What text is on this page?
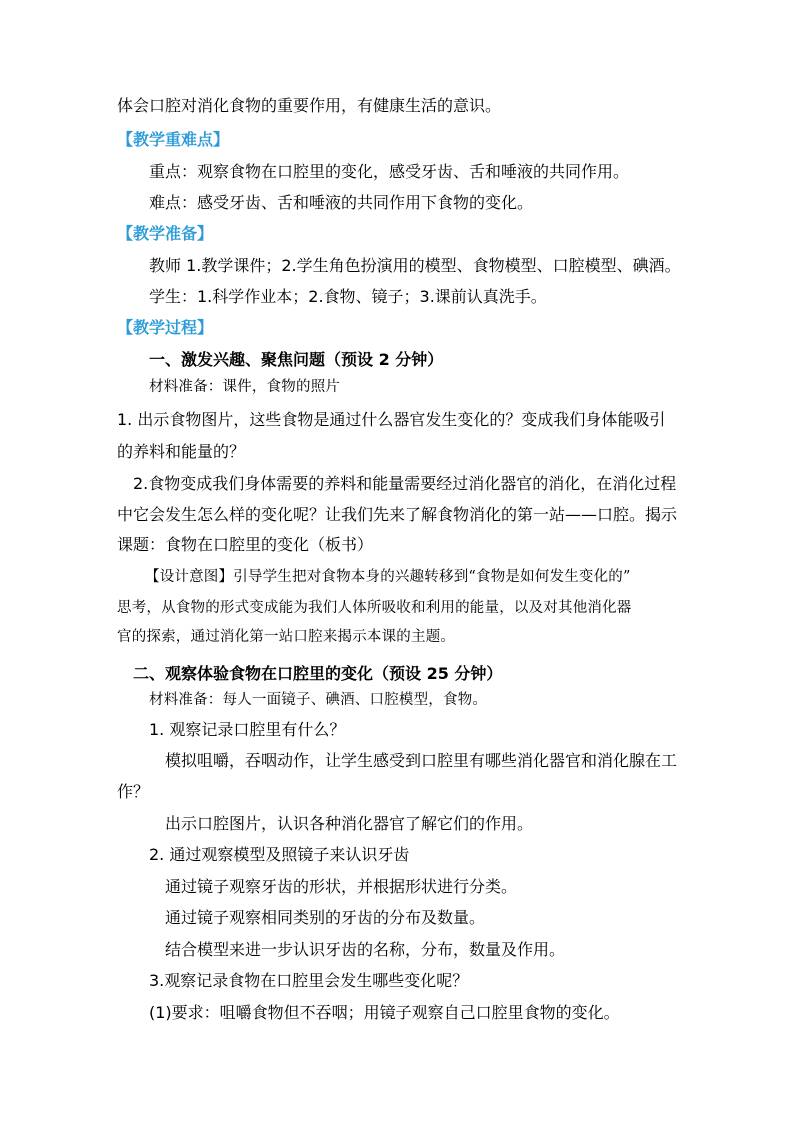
体会口腔对消化食物的重要作用，有健康生活的意识。
【教学重难点】
重点：观察食物在口腔里的变化，感受牙齿、舌和唾液的共同作用。
难点：感受牙齿、舌和唾液的共同作用下食物的变化。
【教学准备】
教师 1.教学课件；2.学生角色扮演用的模型、食物模型、口腔模型、碘酒。
学生：1.科学作业本；2.食物、镜子；3.课前认真洗手。
【教学过程】
一、激发兴趣、聚焦问题（预设 2 分钟）
材料准备：课件，食物的照片
1. 出示食物图片，这些食物是通过什么器官发生变化的？变成我们身体能吸引
的养料和能量的？
2.食物变成我们身体需要的养料和能量需要经过消化器官的消化，在消化过程
中它会发生怎么样的变化呢？让我们先来了解食物消化的第一站——口腔。揭示
课题：食物在口腔里的变化（板书）
【设计意图】引导学生把对食物本身的兴趣转移到“食物是如何发生变化的”
思考，从食物的形式变成能为我们人体所吸收和利用的能量，以及对其他消化器
官的探索，通过消化第一站口腔来揭示本课的主题。
二、观察体验食物在口腔里的变化（预设 25 分钟）
材料准备：每人一面镜子、碘酒、口腔模型，食物。
1. 观察记录口腔里有什么？
模拟咀嚼，吞咽动作，让学生感受到口腔里有哪些消化器官和消化腺在工
作？
出示口腔图片，认识各种消化器官了解它们的作用。
2. 通过观察模型及照镜子来认识牙齿
通过镜子观察牙齿的形状，并根据形状进行分类。
通过镜子观察相同类别的牙齿的分布及数量。
结合模型来进一步认识牙齿的名称，分布，数量及作用。
3.观察记录食物在口腔里会发生哪些变化呢？
(1)要求：咀嚼食物但不吞咽；用镜子观察自己口腔里食物的变化。
